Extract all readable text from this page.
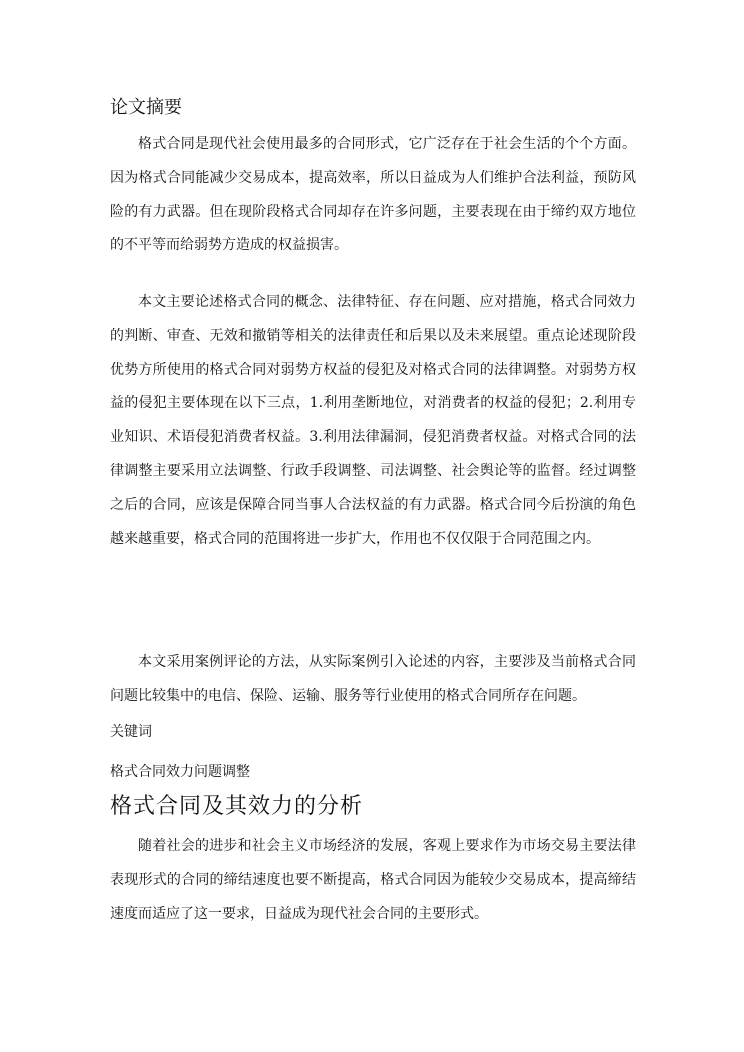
论文摘要

格式合同是现代社会使用最多的合同形式，它广泛存在于社会生活的个个方面。因为格式合同能减少交易成本，提高效率，所以日益成为人们维护合法利益，预防风险的有力武器。但在现阶段格式合同却存在许多问题，主要表现在由于缔约双方地位的不平等而给弱势方造成的权益损害。

本文主要论述格式合同的概念、法律特征、存在问题、应对措施，格式合同效力的判断、审查、无效和撤销等相关的法律责任和后果以及未来展望。重点论述现阶段优势方所使用的格式合同对弱势方权益的侵犯及对格式合同的法律调整。对弱势方权益的侵犯主要体现在以下三点，1.利用垄断地位，对消费者的权益的侵犯；2.利用专业知识、术语侵犯消费者权益。3.利用法律漏洞，侵犯消费者权益。对格式合同的法律调整主要采用立法调整、行政手段调整、司法调整、社会舆论等的监督。经过调整之后的合同，应该是保障合同当事人合法权益的有力武器。格式合同今后扮演的角色越来越重要，格式合同的范围将进一步扩大，作用也不仅仅限于合同范围之内。

本文采用案例评论的方法，从实际案例引入论述的内容，主要涉及当前格式合同问题比较集中的电信、保险、运输、服务等行业使用的格式合同所存在问题。

关键词

格式合同效力问题调整

格式合同及其效力的分析

随着社会的进步和社会主义市场经济的发展，客观上要求作为市场交易主要法律表现形式的合同的缔结速度也要不断提高，格式合同因为能较少交易成本，提高缔结速度而适应了这一要求，日益成为现代社会合同的主要形式。
